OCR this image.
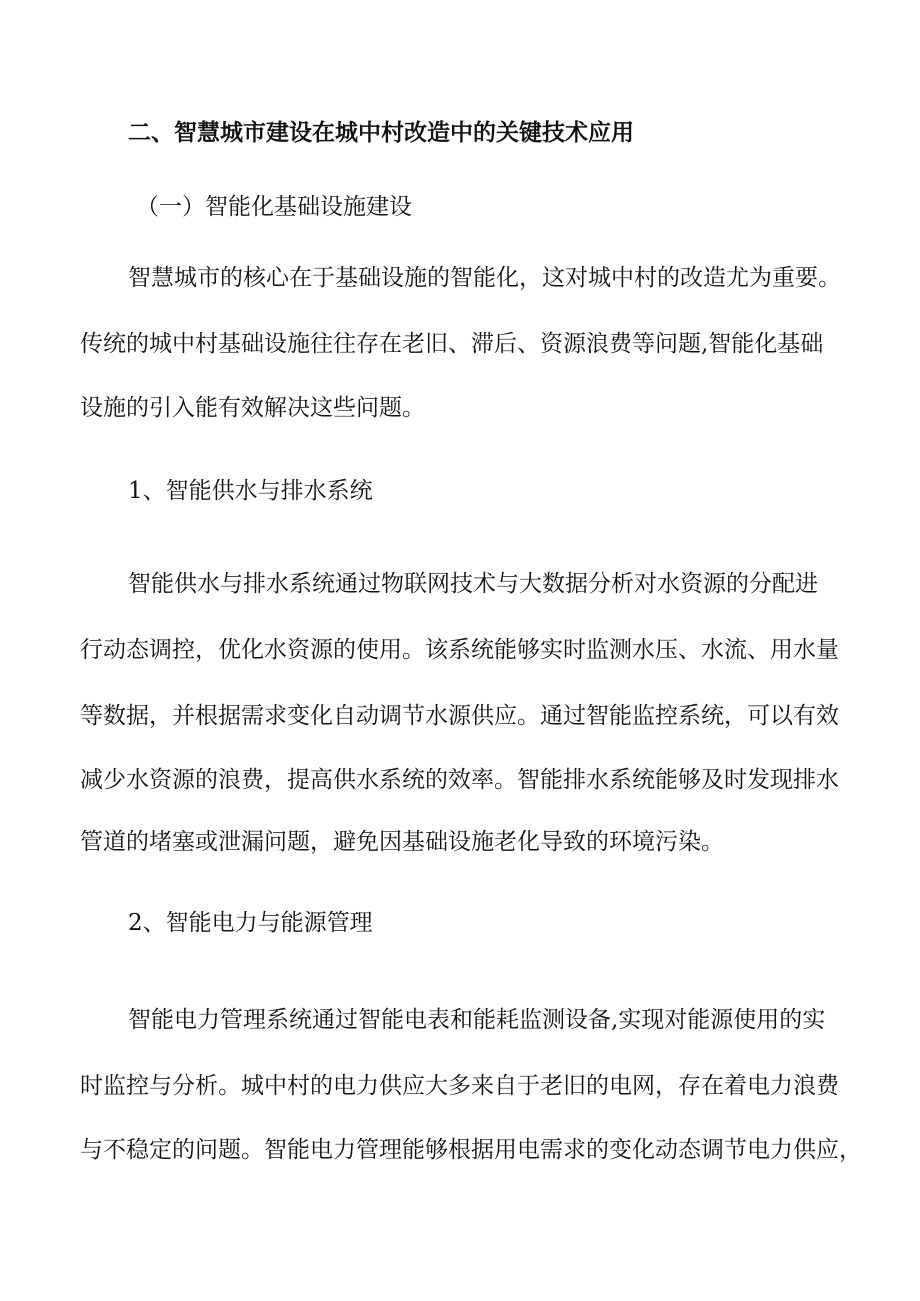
二、智慧城市建设在城中村改造中的关键技术应用

（一）智能化基础设施建设

智慧城市的核心在于基础设施的智能化，这对城中村的改造尤为重要。

传统的城中村基础设施往往存在老旧、滞后、资源浪费等问题,智能化基础

设施的引入能有效解决这些问题。

1、智能供水与排水系统

智能供水与排水系统通过物联网技术与大数据分析对水资源的分配进

行动态调控，优化水资源的使用。该系统能够实时监测水压、水流、用水量

等数据，并根据需求变化自动调节水源供应。通过智能监控系统，可以有效

减少水资源的浪费，提高供水系统的效率。智能排水系统能够及时发现排水

管道的堵塞或泄漏问题，避免因基础设施老化导致的环境污染。

2、智能电力与能源管理

智能电力管理系统通过智能电表和能耗监测设备,实现对能源使用的实

时监控与分析。城中村的电力供应大多来自于老旧的电网，存在着电力浪费

与不稳定的问题。智能电力管理能够根据用电需求的变化动态调节电力供应，
